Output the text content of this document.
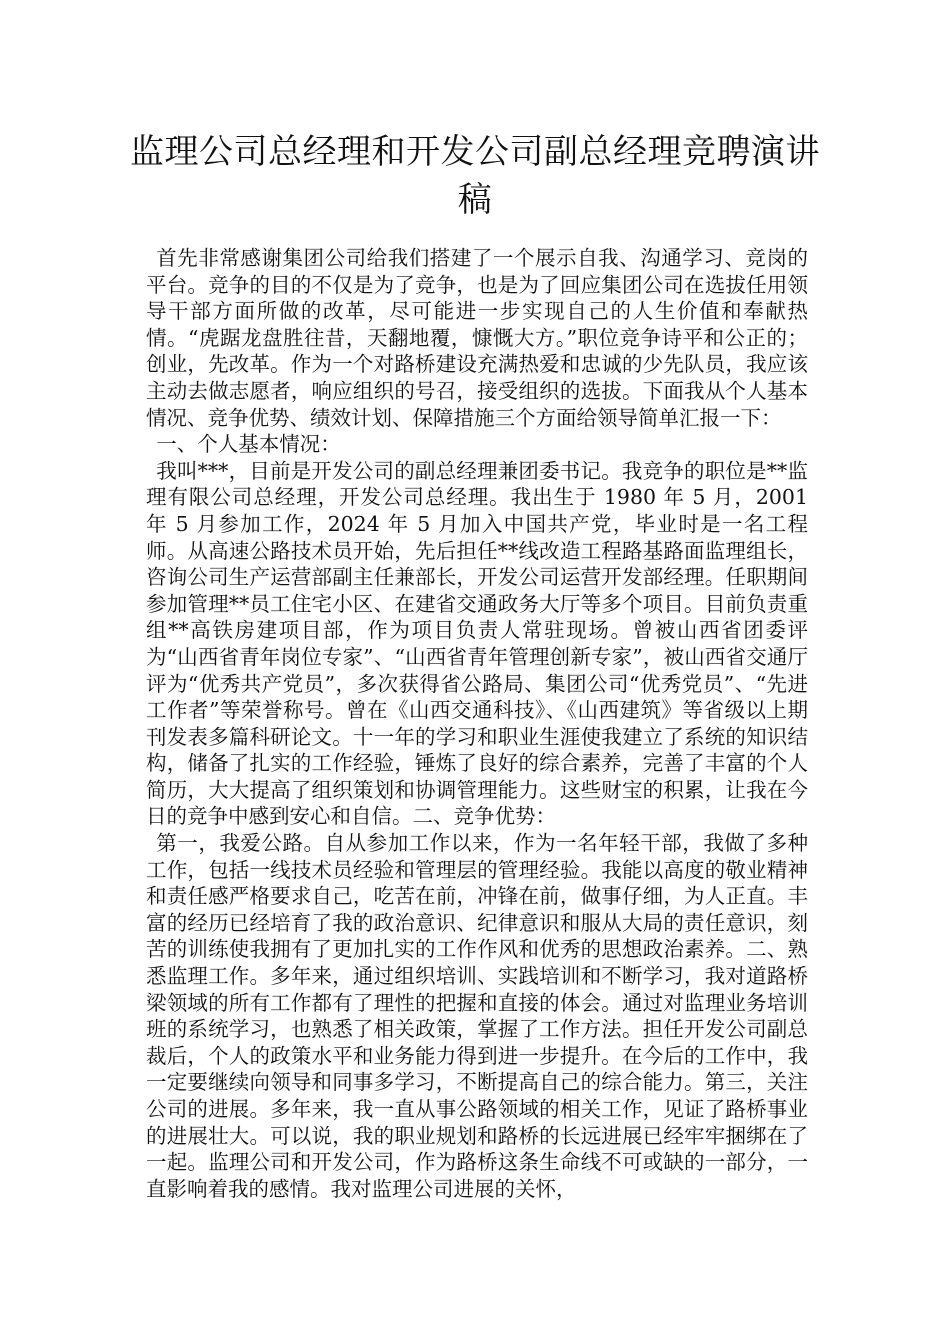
监理公司总经理和开发公司副总经理竞聘演讲稿

首先非常感谢集团公司给我们搭建了一个展示自我、沟通学习、竞岗的平台。竞争的目的不仅是为了竞争，也是为了回应集团公司在选拔任用领导干部方面所做的改革，尽可能进一步实现自己的人生价值和奉献热情。“虎踞龙盘胜往昔，天翻地覆，慷慨大方。”职位竞争诗平和公正的；创业，先改革。作为一个对路桥建设充满热爱和忠诚的少先队员，我应该主动去做志愿者，响应组织的号召，接受组织的选拔。下面我从个人基本情况、竞争优势、绩效计划、保障措施三个方面给领导简单汇报一下：

一、个人基本情况：

我叫***，目前是开发公司的副总经理兼团委书记。我竞争的职位是**监理有限公司总经理，开发公司总经理。我出生于 1980 年 5 月，2001 年 5 月参加工作，2024 年 5 月加入中国共产党，毕业时是一名工程师。从高速公路技术员开始，先后担任**线改造工程路基路面监理组长，咨询公司生产运营部副主任兼部长，开发公司运营开发部经理。任职期间参加管理**员工住宅小区、在建省交通政务大厅等多个项目。目前负责重组**高铁房建项目部，作为项目负责人常驻现场。曾被山西省团委评为“山西省青年岗位专家”、“山西省青年管理创新专家”，被山西省交通厅评为“优秀共产党员”，多次获得省公路局、集团公司“优秀党员”、“先进工作者”等荣誉称号。曾在《山西交通科技》、《山西建筑》等省级以上期刊发表多篇科研论文。十一年的学习和职业生涯使我建立了系统的知识结构，储备了扎实的工作经验，锤炼了良好的综合素养，完善了丰富的个人简历，大大提高了组织策划和协调管理能力。这些财宝的积累，让我在今日的竞争中感到安心和自信。二、竞争优势：

第一，我爱公路。自从参加工作以来，作为一名年轻干部，我做了多种工作，包括一线技术员经验和管理层的管理经验。我能以高度的敬业精神和责任感严格要求自己，吃苦在前，冲锋在前，做事仔细，为人正直。丰富的经历已经培育了我的政治意识、纪律意识和服从大局的责任意识，刻苦的训练使我拥有了更加扎实的工作作风和优秀的思想政治素养。二、熟悉监理工作。多年来，通过组织培训、实践培训和不断学习，我对道路桥梁领域的所有工作都有了理性的把握和直接的体会。通过对监理业务培训班的系统学习，也熟悉了相关政策，掌握了工作方法。担任开发公司副总裁后，个人的政策水平和业务能力得到进一步提升。在今后的工作中，我一定要继续向领导和同事多学习，不断提高自己的综合能力。第三，关注公司的进展。多年来，我一直从事公路领域的相关工作，见证了路桥事业的进展壮大。可以说，我的职业规划和路桥的长远进展已经牢牢捆绑在了一起。监理公司和开发公司，作为路桥这条生命线不可或缺的一部分，一直影响着我的感情。我对监理公司进展的关怀，
